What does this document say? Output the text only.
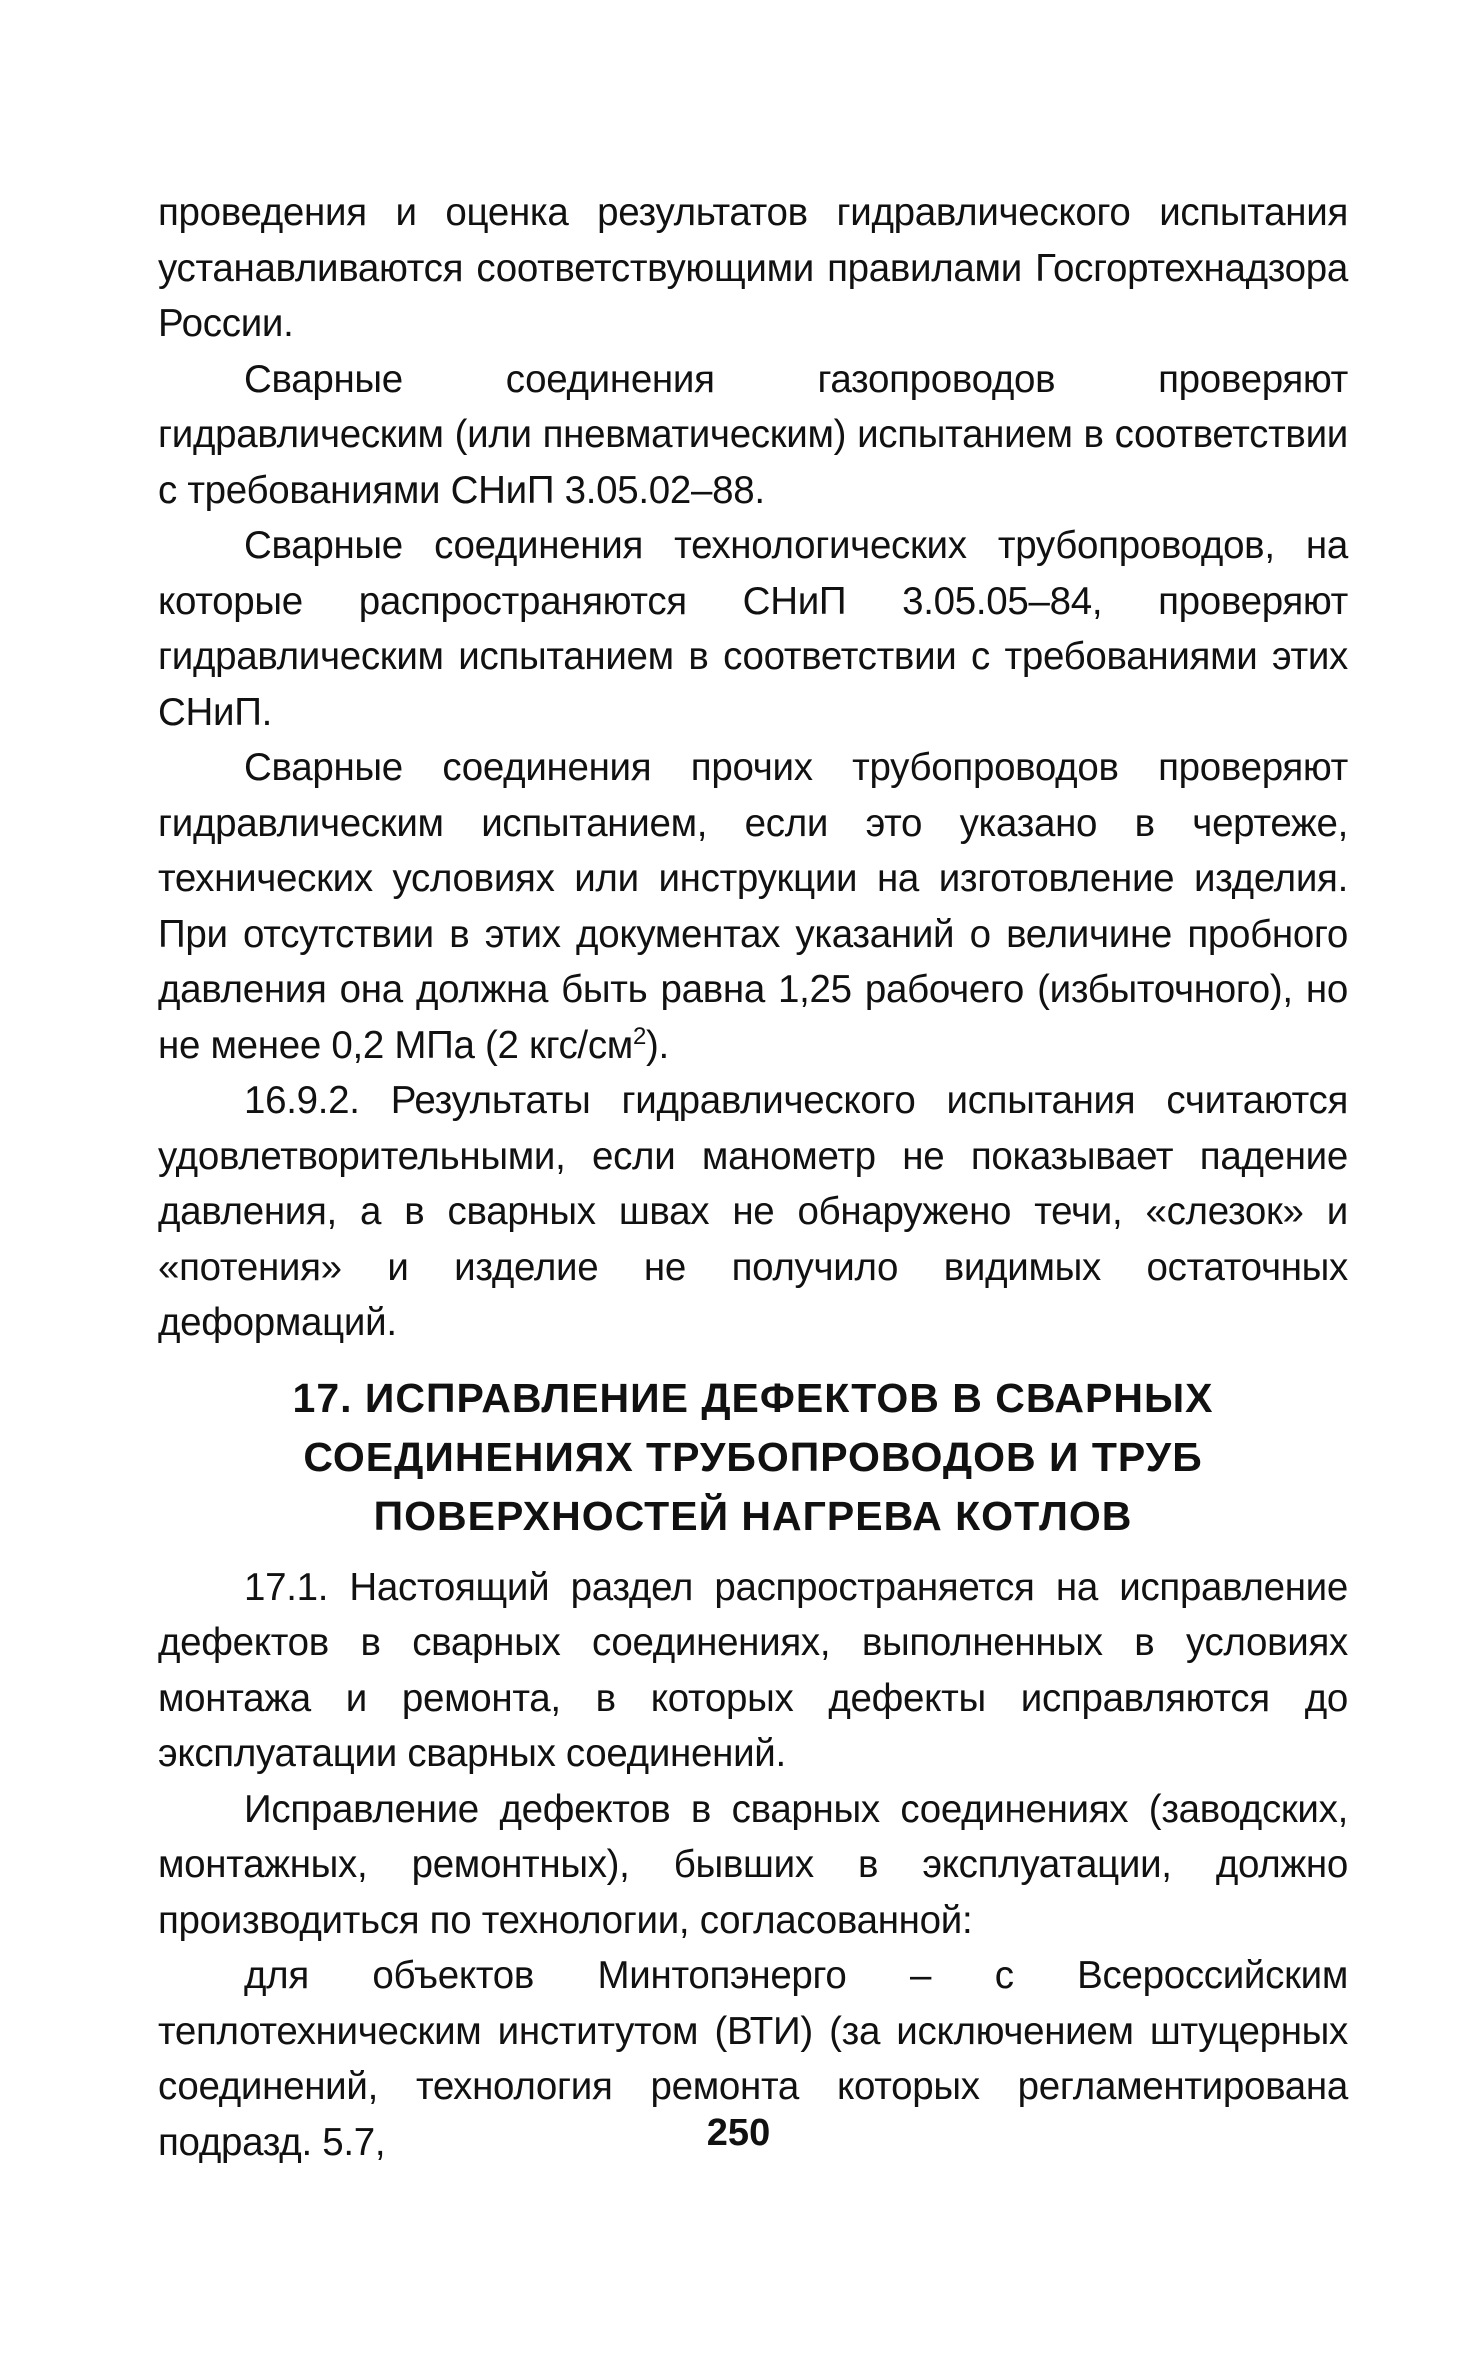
проведения и оценка результатов гидравлического испытания устанавливаются соответствующими правилами Госгортехнадзора России.

Сварные соединения газопроводов проверяют гидравлическим (или пневматическим) испытанием в соответствии с требованиями СНиП 3.05.02–88.

Сварные соединения технологических трубопроводов, на которые распространяются СНиП 3.05.05–84, проверяют гидравлическим испытанием в соответствии с требованиями этих СНиП.

Сварные соединения прочих трубопроводов проверяют гидравлическим испытанием, если это указано в чертеже, технических условиях или инструкции на изготовление изделия. При отсутствии в этих документах указаний о величине пробного давления она должна быть равна 1,25 рабочего (избыточного), но не менее 0,2 МПа (2 кгс/$см^2$).

16.9.2. Результаты гидравлического испытания считаются удовлетворительными, если манометр не показывает падение давления, а в сварных швах не обнаружено течи, «слезок» и «потения» и изделие не получило видимых остаточных деформаций.

17. ИСПРАВЛЕНИЕ ДЕФЕКТОВ В СВАРНЫХ
СОЕДИНЕНИЯХ ТРУБОПРОВОДОВ И ТРУБ
ПОВЕРХНОСТЕЙ НАГРЕВА КОТЛОВ

17.1. Настоящий раздел распространяется на исправление дефектов в сварных соединениях, выполненных в условиях монтажа и ремонта, в которых дефекты исправляются до эксплуатации сварных соединений.

Исправление дефектов в сварных соединениях (заводских, монтажных, ремонтных), бывших в эксплуатации, должно производиться по технологии, согласованной:

для объектов Минтопэнерго – с Всероссийским теплотехническим институтом (ВТИ) (за исключением штуцерных соединений, технология ремонта которых регламентирована подразд. 5.7,	250
